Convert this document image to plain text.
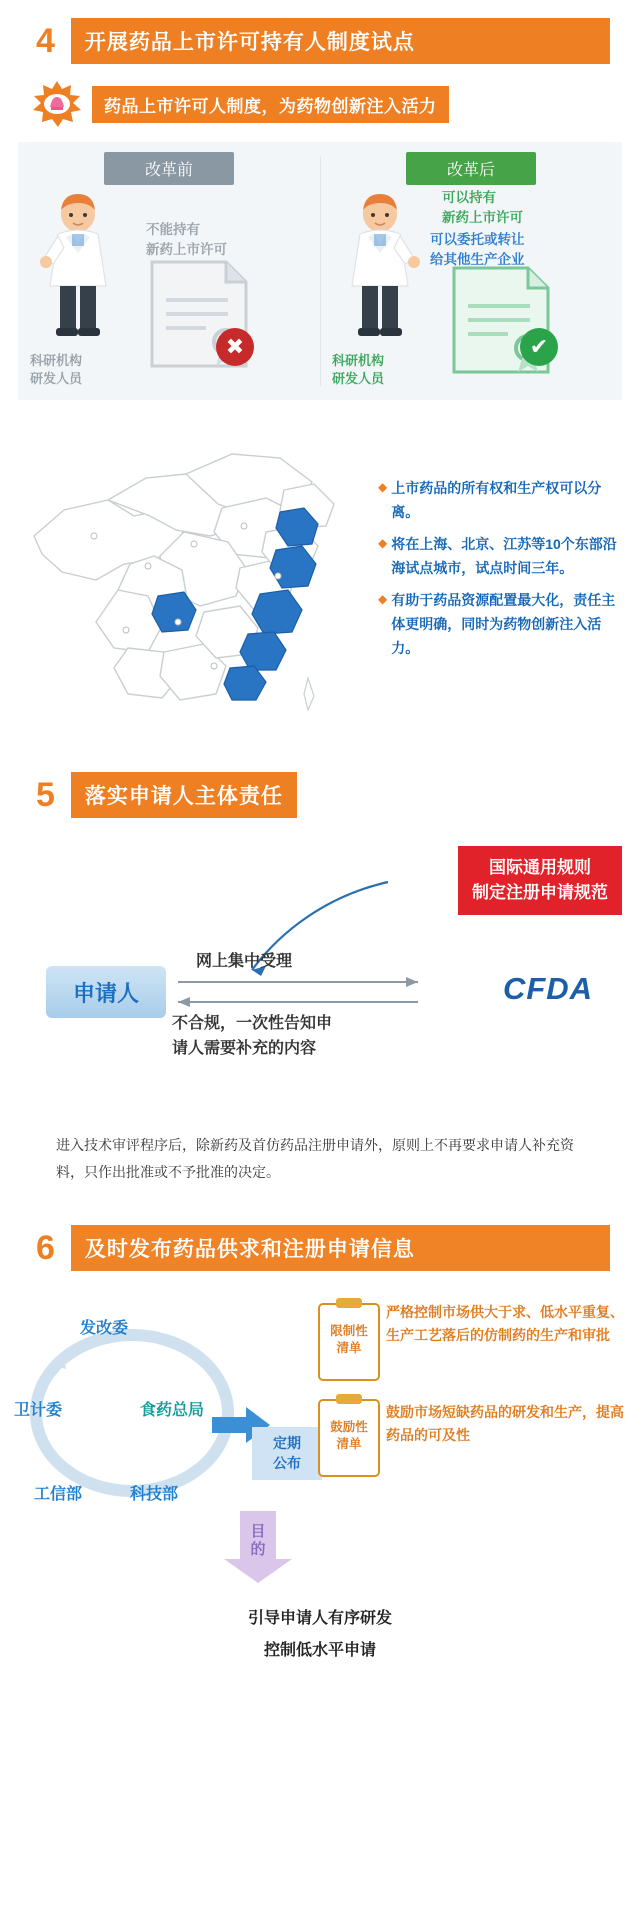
4	开展药品上市许可持有人制度试点
药品上市许可人制度，为药物创新注入活力
改革前
不能持有
新药上市许可
✖
科研机构
研发人员
改革后
可以持有
新药上市许可
可以委托或转让
给其他生产企业
✔
科研机构
研发人员
◆ 上市药品的所有权和生产权可以分离。
◆ 将在上海、北京、江苏等10个东部沿海试点城市，试点时间三年。
◆ 有助于药品资源配置最大化，责任主体更明确，同时为药物创新注入活力。
5	落实申请人主体责任
国际通用规则
制定注册申请规范
申请人	CFDA
网上集中受理
不合规，一次性告知申
请人需要补充的内容
进入技术审评程序后，除新药及首仿药品注册申请外，原则上不再要求申请人补充资料，只作出批准或不予批准的决定。
6	及时发布药品供求和注册申请信息
发改委
食药总局
卫计委
科技部
工信部
定期
公布
限制性
清单
严格控制市场供大于求、低水平重复、生产工艺落后的仿制药的生产和审批
鼓励性
清单
鼓励市场短缺药品的研发和生产，提高药品的可及性
目
的
引导申请人有序研发
控制低水平申请
